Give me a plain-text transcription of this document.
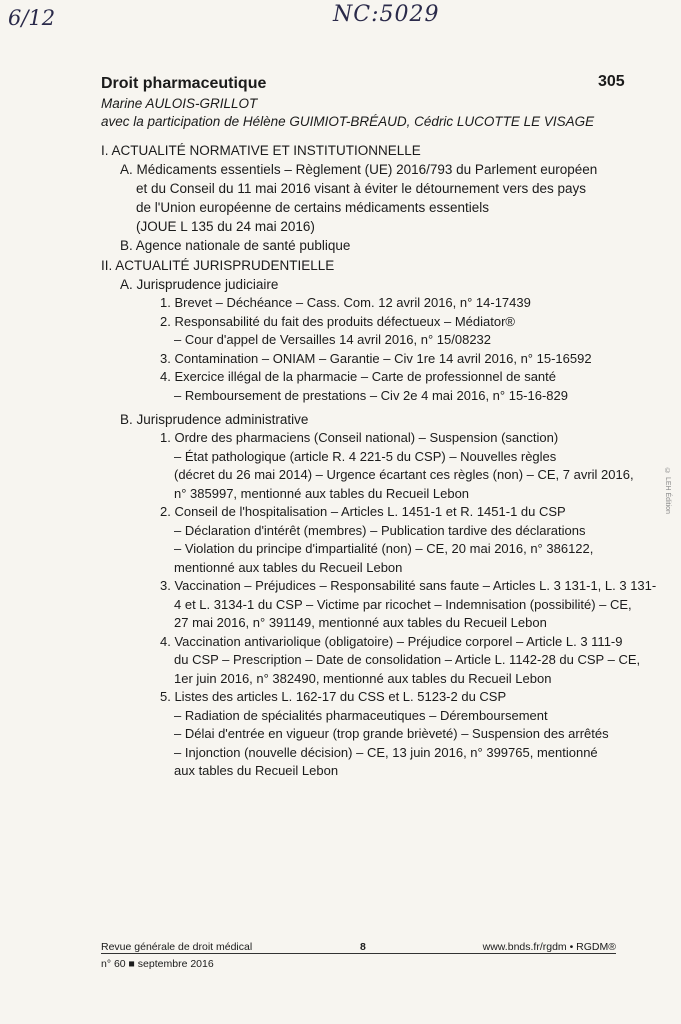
6/12	NC:5029
© LEH Édition
Droit pharmaceutique	305
Marine AULOIS-GRILLOT
avec la participation de Hélène GUIMIOT-BRÉAUD, Cédric LUCOTTE LE VISAGE
I. ACTUALITÉ NORMATIVE ET INSTITUTIONNELLE
A. Médicaments essentiels – Règlement (UE) 2016/793 du Parlement européen
et du Conseil du 11 mai 2016 visant à éviter le détournement vers des pays
de l'Union européenne de certains médicaments essentiels
(JOUE L 135 du 24 mai 2016)
B. Agence nationale de santé publique
II. ACTUALITÉ JURISPRUDENTIELLE
A. Jurisprudence judiciaire
1. Brevet – Déchéance – Cass. Com. 12 avril 2016, n° 14-17439
2. Responsabilité du fait des produits défectueux – Médiator®
– Cour d'appel de Versailles 14 avril 2016, n° 15/08232
3. Contamination – ONIAM – Garantie – Civ 1re 14 avril 2016, n° 15-16592
4. Exercice illégal de la pharmacie – Carte de professionnel de santé
– Remboursement de prestations – Civ 2e 4 mai 2016, n° 15-16-829
B. Jurisprudence administrative
1. Ordre des pharmaciens (Conseil national) – Suspension (sanction)
– État pathologique (article R. 4 221-5 du CSP) – Nouvelles règles
(décret du 26 mai 2014) – Urgence écartant ces règles (non) – CE, 7 avril 2016,
n° 385997, mentionné aux tables du Recueil Lebon
2. Conseil de l'hospitalisation – Articles L. 1451-1 et R. 1451-1 du CSP
– Déclaration d'intérêt (membres) – Publication tardive des déclarations
– Violation du principe d'impartialité (non) – CE, 20 mai 2016, n° 386122,
mentionné aux tables du Recueil Lebon
3. Vaccination – Préjudices – Responsabilité sans faute – Articles L. 3 131-1, L. 3 131-
4 et L. 3134-1 du CSP – Victime par ricochet – Indemnisation (possibilité) – CE,
27 mai 2016, n° 391149, mentionné aux tables du Recueil Lebon
4. Vaccination antivariolique (obligatoire) – Préjudice corporel – Article L. 3 111-9
du CSP – Prescription – Date de consolidation – Article L. 1142-28 du CSP – CE,
1er juin 2016, n° 382490, mentionné aux tables du Recueil Lebon
5. Listes des articles L. 162-17 du CSS et L. 5123-2 du CSP
– Radiation de spécialités pharmaceutiques – Déremboursement
– Délai d'entrée en vigueur (trop grande brièveté) – Suspension des arrêtés
– Injonction (nouvelle décision) – CE, 13 juin 2016, n° 399765, mentionné
aux tables du Recueil Lebon
Revue générale de droit médical	8	www.bnds.fr/rgdm • RGDM®
n° 60 ■ septembre 2016
